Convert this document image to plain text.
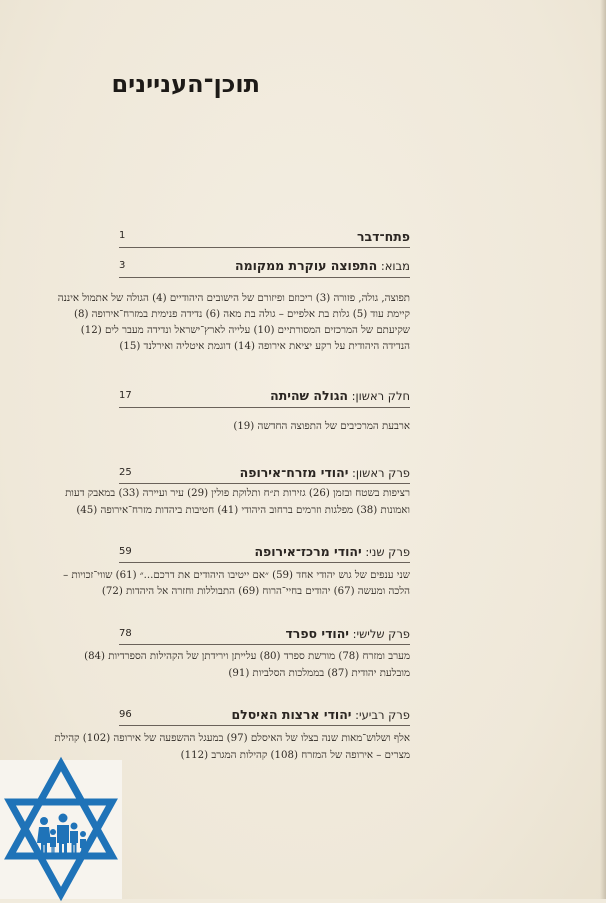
תוכן־העניינים
1	פתח־דבר
3	מבוא: התפוצה עוקרת ממקומה
תפוצה, גולה, פזורה (3) ריכוזם ופיזורם של הישובים היהודיים (4) הגולה של אתמול איננה
קיימת עוד (5) גלות בת אלפיים – גולה בת מאה (6) נדידה פנימית במזרח־אירופה (8)
שקיעתם של המרכזים המסורתיים (10) עלייה לארץ־ישראל ונדידה מעבר לים (12)
הנדידה היהודית על רקע יציאת אירופה (14) דוגמת איטליה ואירלנד (15)
17	חלק ראשון: הגולה שהיתה
ארבעת המרכיבים של התפוצה החדשה (19)
25	פרק ראשון: יהודי מזרח־אירופה
רציפות בשטח ובזמן (26) גזירות ת״ח ותלוקת פולין (29) עיר ועיירה (33) במאבק דעות
ואמונות (38) מפלגות וזרמים ברחוב היהודי (41) חטיבות ביהדות מזרח־אירופה (45)
59	פרק שני: יהודי מרכז־אירופה
שני ענפים של גוש יהודי אחד (59) ״אם ייטיבו היהודים את דרכם...״ (61) שווי־זכויות –
הלכה ומעשה (67) יהודים בחיי־הרוח (69) התבוללות וחזרה אל היהדות (72)
78	פרק שלישי: יהודי ספרד
מערב ומזרח (78) מורשת ספרד (80) עלייתן וירידתן של הקהילות הספרדיות (84)
מובלעת יהודית (87) בממלכות הסלביות (91)
96	פרק רביעי: יהודי ארצות האיסלם
אלף ושלוש־מאות שנה בצלו של האיסלם (97) במעגל ההשפעה של אירופה (102) קהילת
מצרים – אירופה של המזרח (108) קהילות המגרב (112)
